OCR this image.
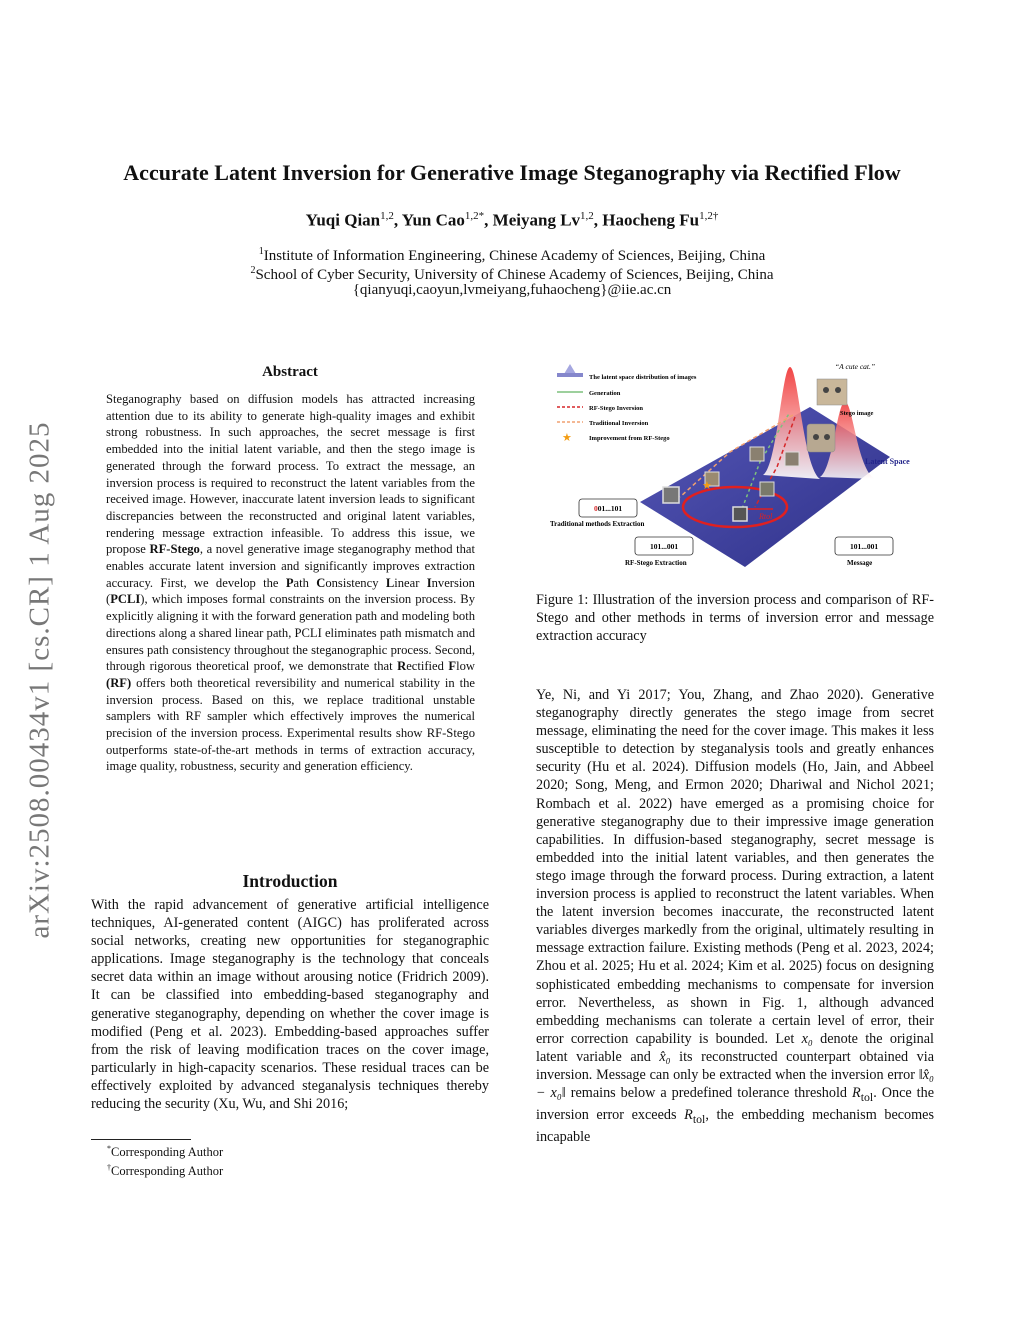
Accurate Latent Inversion for Generative Image Steganography via Rectified Flow
Yuqi Qian$^{1,2}$, Yun Cao$^{1,2*}$, Meiyang Lv$^{1,2}$, Haocheng $Fu^{1,2\dagger}$
$^1$Institute of Information Engineering, Chinese Academy of Sciences, Beijing, China
$^2$School of Cyber Security, University of Chinese Academy of Sciences, Beijing, China
{qianyuqi,caoyun,lvmeiyang,fuhaocheng}@iie.ac.cn
arXiv:2508.00434v1 [cs.CR] 1 Aug 2025
Abstract
Steganography based on diffusion models has attracted increasing attention due to its ability to generate high-quality images and exhibit strong robustness. In such approaches, the secret message is first embedded into the initial latent variable, and then the stego image is generated through the forward process. To extract the message, an inversion process is required to reconstruct the latent variables from the received image. However, inaccurate latent inversion leads to significant discrepancies between the reconstructed and original latent variables, rendering message extraction infeasible. To address this issue, we propose RF-Stego, a novel generative image steganography method that enables accurate latent inversion and significantly improves extraction accuracy. First, we develop the Path Consistency Linear Inversion (PCLI), which imposes formal constraints on the inversion process. By explicitly aligning it with the forward generation path and modeling both directions along a shared linear path, PCLI eliminates path mismatch and ensures path consistency throughout the steganographic process. Second, through rigorous theoretical proof, we demonstrate that Rectified Flow (RF) offers both theoretical reversibility and numerical stability in the inversion process. Based on this, we replace traditional unstable samplers with RF sampler which effectively improves the numerical precision of the inversion process. Experimental results show RF-Stego outperforms state-of-the-art methods in terms of extraction accuracy, image quality, robustness, security and generation efficiency.
Introduction
With the rapid advancement of generative artificial intelligence techniques, AI-generated content (AIGC) has proliferated across social networks, creating new opportunities for steganographic applications. Image steganography is the technology that conceals secret data within an image without arousing notice (Fridrich 2009). It can be classified into embedding-based steganography and generative steganography, depending on whether the cover image is modified (Peng et al. 2023). Embedding-based approaches suffer from the risk of leaving modification traces on the cover image, particularly in high-capacity scenarios. These residual traces can be effectively exploited by advanced steganalysis techniques thereby reducing the security (Xu, Wu, and Shi 2016;
*Corresponding Author
†Corresponding Author
Rtol
★
“A cute cat.”
Stego image
Latent Space
The latent space distribution of images
Generation
RF-Stego Inversion
Traditional Inversion
★	Improvement from RF-Stego
001...101
Traditional methods Extraction
101...001
RF-Stego Extraction
101...001
Message
Figure 1: Illustration of the inversion process and comparison of RF-Stego and other methods in terms of inversion error and message extraction accuracy
Ye, Ni, and Yi 2017; You, Zhang, and Zhao 2020). Generative steganography directly generates the stego image from secret message, eliminating the need for the cover image. This makes it less susceptible to detection by steganalysis tools and greatly enhances security (Hu et al. 2024). Diffusion models (Ho, Jain, and Abbeel 2020; Song, Meng, and Ermon 2020; Dhariwal and Nichol 2021; Rombach et al. 2022) have emerged as a promising choice for generative steganography due to their impressive image generation capabilities. In diffusion-based steganography, secret message is embedded into the initial latent variables, and then generates the stego image through the forward process. During extraction, a latent inversion process is applied to reconstruct the latent variables. When the latent inversion becomes inaccurate, the reconstructed latent variables diverges markedly from the original, ultimately resulting in message extraction failure. Existing methods (Peng et al. 2023, 2024; Zhou et al. 2025; Hu et al. 2024; Kim et al. 2025) focus on designing sophisticated embedding mechanisms to compensate for inversion error. Nevertheless, as shown in Fig. 1, although advanced embedding mechanisms can tolerate a certain level of error, their error correction capability is bounded. Let x₀ denote the original latent variable and x̂₀ its reconstructed counterpart obtained via inversion. Message can only be extracted when the inversion error ‖x̂₀ − x₀‖ remains below a predefined tolerance threshold $R_{tol}$. Once the inversion error exceeds $R_{tol}$, the embedding mechanism becomes incapable
